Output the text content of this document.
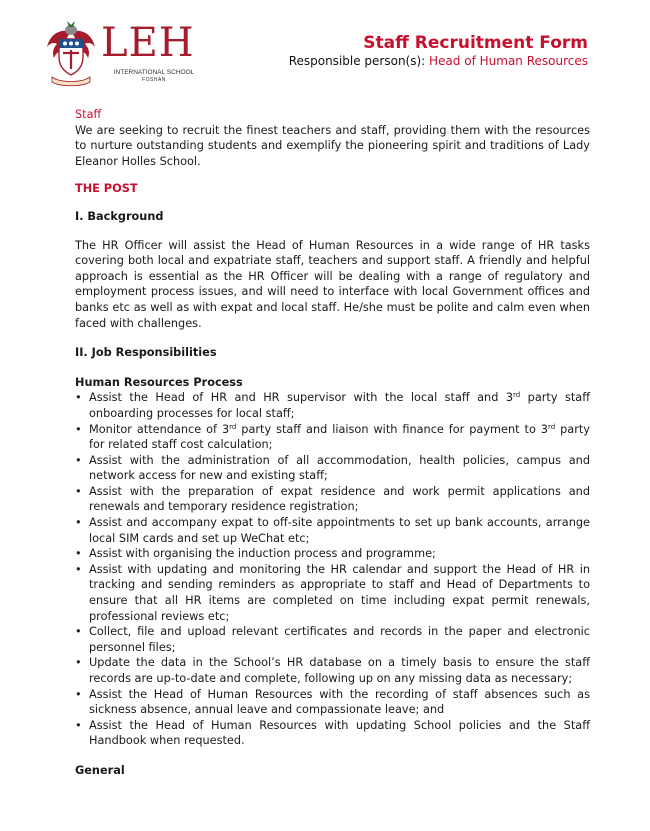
LEH
INTERNATIONAL SCHOOL
FOSHAN
Staff Recruitment Form
Responsible person(s): Head of Human Resources

Staff

We are seeking to recruit the finest teachers and staff, providing them with the resources to nurture outstanding students and exemplify the pioneering spirit and traditions of Lady Eleanor Holles School.

THE POST

I. Background

The HR Officer will assist the Head of Human Resources in a wide range of HR tasks covering both local and expatriate staff, teachers and support staff. A friendly and helpful approach is essential as the HR Officer will be dealing with a range of regulatory and employment process issues, and will need to interface with local Government offices and banks etc as well as with expat and local staff. He/she must be polite and calm even when faced with challenges.

II. Job Responsibilities

Human Resources Process

• Assist the Head of HR and HR supervisor with the local staff and 3rd party staff onboarding processes for local staff;
• Monitor attendance of 3rd party staff and liaison with finance for payment to 3rd party for related staff cost calculation;
• Assist with the administration of all accommodation, health policies, campus and network access for new and existing staff;
• Assist with the preparation of expat residence and work permit applications and renewals and temporary residence registration;
• Assist and accompany expat to off-site appointments to set up bank accounts, arrange local SIM cards and set up WeChat etc;
• Assist with organising the induction process and programme;
• Assist with updating and monitoring the HR calendar and support the Head of HR in tracking and sending reminders as appropriate to staff and Head of Departments to ensure that all HR items are completed on time including expat permit renewals, professional reviews etc;
• Collect, file and upload relevant certificates and records in the paper and electronic personnel files;
• Update the data in the School’s HR database on a timely basis to ensure the staff records are up-to-date and complete, following up on any missing data as necessary;
• Assist the Head of Human Resources with the recording of staff absences such as sickness absence, annual leave and compassionate leave; and
• Assist the Head of Human Resources with updating School policies and the Staff Handbook when requested.

General
